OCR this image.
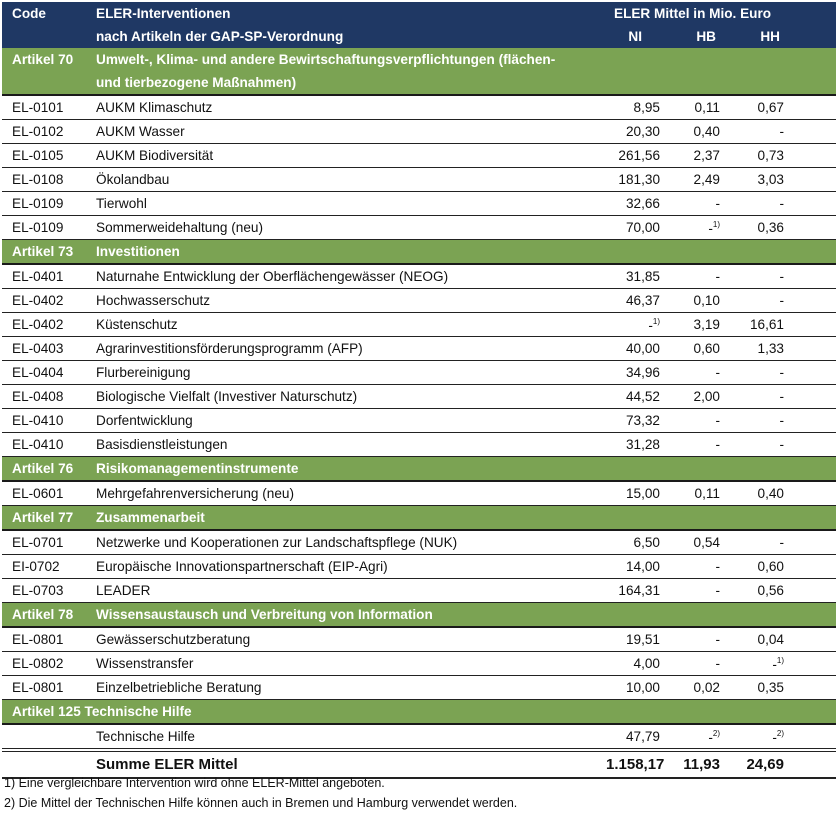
Code	ELER-Interventionen	ELER Mittel in Mio. Euro		
	nach Artikeln der GAP-SP-Verordnung	NI	HB	HH
Artikel 70	Umwelt-, Klima- und andere Bewirtschaftungsverpflichtungen (flächen-			
	und tierbezogene Maßnahmen)			
EL-0101	AUKM Klimaschutz	8,95	0,11	0,67
EL-0102	AUKM Wasser	20,30	0,40	-
EL-0105	AUKM Biodiversität	261,56	2,37	0,73
EL-0108	Ökolandbau	181,30	2,49	3,03
EL-0109	Tierwohl	32,66	-	-
EL-0109	Sommerweidehaltung (neu)	70,00	-$^{1)}$	0,36
Artikel 73	Investitionen			
EL-0401	Naturnahe Entwicklung der Oberflächengewässer (NEOG)	31,85	-	-
EL-0402	Hochwasserschutz	46,37	0,10	-
EL-0402	Küstenschutz	-$^{1)}$	3,19	16,61
EL-0403	Agrarinvestitionsförderungsprogramm (AFP)	40,00	0,60	1,33
EL-0404	Flurbereinigung	34,96	-	-
EL-0408	Biologische Vielfalt (Investiver Naturschutz)	44,52	2,00	-
EL-0410	Dorfentwicklung	73,32	-	-
EL-0410	Basisdienstleistungen	31,28	-	-
Artikel 76	Risikomanagementinstrumente			
EL-0601	Mehrgefahrenversicherung (neu)	15,00	0,11	0,40
Artikel 77	Zusammenarbeit			
EL-0701	Netzwerke und Kooperationen zur Landschaftspflege (NUK)	6,50	0,54	-
EI-0702	Europäische Innovationspartnerschaft (EIP-Agri)	14,00	-	0,60
EL-0703	LEADER	164,31	-	0,56
Artikel 78	Wissensaustausch und Verbreitung von Information			
EL-0801	Gewässerschutzberatung	19,51	-	0,04
EL-0802	Wissenstransfer	4,00	-	-$^{1)}$
EL-0801	Einzelbetriebliche Beratung	10,00	0,02	0,35
Artikel 125 Technische Hilfe				
	Technische Hilfe	47,79	-$^{2)}$	-$^{2)}$
	Summe ELER Mittel	1.158,17	11,93	24,69
1) Eine vergleichbare Intervention wird ohne ELER-Mittel angeboten.
2) Die Mittel der Technischen Hilfe können auch in Bremen und Hamburg verwendet werden.
